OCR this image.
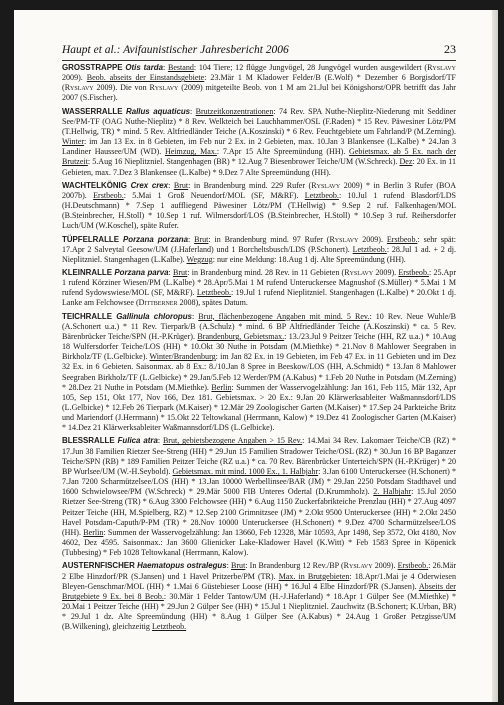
Haupt et al.: Avifaunistischer Jahresbericht 2006	23

GROSSTRAPPE Otis tarda: Bestand: 104 Tiere; 12 flügge Jungvögel, 28 Jungvögel wurden ausgewildert (Ryslavy 2009). Beob. abseits der Einstandsgebiete: 23.Mär 1 M Kladower Felder/B (E.Wolf) * Dezember 6 Borgisdorf/TF (Ryslavy 2009). Die von Ryslavy (2009) mitgeteilte Beob. von 1 M am 21.Jul bei Königshorst/OPR betrifft das Jahr 2007 (S.Fischer).

WASSERRALLE Rallus aquaticus: Brutzeitkonzentrationen: 74 Rev. SPA Nuthe-Nieplitz-Niederung mit Seddiner See/PM-TF (OAG Nuthe-Nieplitz) * 8 Rev. Welkteich bei Lauchhammer/OSL (F.Raden) * 15 Rev. Päwesiner Lötz/PM (T.Hellwig, TR) * mind. 5 Rev. Altfriedländer Teiche (A.Koszinski) * 6 Rev. Feuchtgebiete um Fahrland/P (M.Zerning). Winter: im Jan 13 Ex. in 8 Gebieten, im Feb nur 2 Ex. in 2 Gebieten, max. 10.Jan 3 Blankensee (L.Kalbe) * 24.Jan 3 Landiner Haussee/UM (WD). Heimzug, Max.: 7.Apr 15 Alte Spreemündung (HH). Gebietsmax. ab 5 Ex. nach der Brutzeit: 5.Aug 16 Nieplitzniel. Stangenhagen (BR) * 12.Aug 7 Biesenbrower Teiche/UM (W.Schreck). Dez: 20 Ex. in 11 Gebieten, max. 7.Dez 3 Blankensee (L.Kalbe) * 9.Dez 7 Alte Spreemündung (HH).

WACHTELKÖNIG Crex crex: Brut: in Brandenburg mind. 229 Rufer (Ryslavy 2009) * in Berlin 3 Rufer (BOA 2007b). Erstbeob.: 5.Mai 1 Groß Neuendorf/MOL (SF, M&RF). Letztbeob.: 10.Jul 1 rufend Blasdorf/LDS (H.Deutschmann) * 7.Sep 1 auffliegend Päwesiner Lötz/PM (T.Hellwig) * 9.Sep 2 ruf. Falkenhagen/MOL (B.Steinbrecher, H.Stoll) * 10.Sep 1 ruf. Wilmersdorf/LOS (B.Steinbrecher, H.Stoll) * 10.Sep 3 ruf. Reihersdorfer Luch/UM (W.Koschel), späte Rufer.

TÜPFELRALLE Porzana porzana: Brut: in Brandenburg mind. 97 Rufer (Ryslavy 2009). Erstbeob.: sehr spät: 17.Apr 2 Salveytal Geesow/UM (J.Haferland) und 1 Borcheltsbusch/LDS (P.Schonert). Letztbeob.: 28.Jul 1 ad. + 2 dj. Nieplitzniel. Stangenhagen (L.Kalbe). Wegzug: nur eine Meldung: 18.Aug 1 dj. Alte Spreemündung (HH).

KLEINRALLE Porzana parva: Brut: in Brandenburg mind. 28 Rev. in 11 Gebieten (Ryslavy 2009). Erstbeob.: 25.Apr 1 rufend Körziner Wiesen/PM (L.Kalbe) * 28.Apr/5.Mai 1 M rufend Unteruckersee Magnushof (S.Müller) * 5.Mai 1 M rufend Sydowswiese/MOL (SF, M&RF). Letztbeob.: 19.Jul 1 rufend Nieplitzniel. Stangenhagen (L.Kalbe) * 20.Okt 1 dj. Lanke am Felchowsee (Dittberner 2008), spätes Datum.

TEICHRALLE Gallinula chloropus: Brut, flächenbezogene Angaben mit mind. 5 Rev.: 10 Rev. Neue Wuhle/B (A.Schonert u.a.) * 11 Rev. Tierpark/B (A.Schulz) * mind. 6 BP Altfriedländer Teiche (A.Koszinski) * ca. 5 Rev. Bärenbrücker Teiche/SPN (H.-P.Krüger). Brandenburg, Gebietsmax.: 13./23.Jul 9 Peitzer Teiche (HH, RZ u.a.) * 10.Aug 18 Wulfersdorfer Teiche/LOS (HH) * 10.Okt 30 Nuthe in Potsdam (M.Miethke) * 21.Nov 8 Mahlower Seegraben in Birkholz/TF (L.Gelbicke). Winter/Brandenburg: im Jan 82 Ex. in 19 Gebieten, im Feb 47 Ex. in 11 Gebieten und im Dez 32 Ex. in 6 Gebieten. Saisonmax. ab 8 Ex.: 8./10.Jan 8 Spree in Beeskow/LOS (HH, A.Schmidt) * 13.Jan 8 Mahlower Seegraben Birkholz/TF (L.Gelbicke) * 29.Jan/5.Feb 12 Werder/PM (A.Kabus) * 1.Feb 20 Nuthe in Potsdam (M.Zerning) * 28.Dez 21 Nuthe in Potsdam (M.Miethke). Berlin: Summen der Wasservogelzählung: Jan 161, Feb 115, Mär 132, Apr 105, Sep 151, Okt 177, Nov 166, Dez 181. Gebietsmax. > 20 Ex.: 9.Jan 20 Klärwerksableiter Waßmannsdorf/LDS (L.Gelbicke) * 12.Feb 26 Tierpark (M.Kaiser) * 12.Mär 29 Zoologischer Garten (M.Kaiser) * 17.Sep 24 Parkteiche Britz und Mariendorf (J.Herrmann) * 15.Okt 22 Teltowkanal (Herrmann, Kalow) * 19.Dez 41 Zoologischer Garten (M.Kaiser) * 14.Dez 21 Klärwerksableiter Waßmannsdorf/LDS (L.Gelbicke).

BLESSRALLE Fulica atra: Brut, gebietsbezogene Angaben > 15 Rev.: 14.Mai 34 Rev. Lakomaer Teiche/CB (RZ) * 17.Jun 38 Familien Rietzer See-Streng (HH) * 29.Jun 15 Familien Stradower Teiche/OSL (RZ) * 30.Jun 16 BP Baganzer Teiche/SPN (RB) * 189 Familien Peitzer Teiche (RZ u.a.) * ca. 70 Rev. Bärenbrücker Unterteich/SPN (H.-P.Krüger) * 20 BP Wurlsee/UM (W.-H.Seybold). Gebietsmax. mit mind. 1000 Ex., 1. Halbjahr: 3.Jan 6100 Unteruckersee (H.Schonert) * 7.Jan 7200 Scharmützelsee/LOS (HH) * 13.Jan 10000 Werbellinsee/BAR (JM) * 29.Jan 2250 Potsdam Stadthavel und 1600 Schwielowsee/PM (W.Schreck) * 29.Mär 5000 FIB Unteres Odertal (D.Krummholz). 2. Halbjahr: 15.Jul 2050 Rietzer See-Streng (TR) * 6.Aug 3300 Felchowsee (HH) * 6.Aug 1150 Zuckerfabrikteiche Prenzlau (HH) * 27.Aug 4097 Peitzer Teiche (HH, M.Spielberg, RZ) * 12.Sep 2100 Grimnitzsee (JM) * 2.Okt 9500 Unteruckersee (HH) * 2.Okt 2450 Havel Potsdam-Caputh/P-PM (TR) * 28.Nov 10000 Unteruckersee (H.Schonert) * 9.Dez 4700 Scharmützelsee/LOS (HH). Berlin: Summen der Wasservogelzählung: Jan 13660, Feb 12328, Mär 10593, Apr 1498, Sep 3572, Okt 4180, Nov 4602, Dez 4595. Saisonmax.: Jan 3600 Glienicker Lake-Kladower Havel (K.Witt) * Feb 1583 Spree in Köpenick (Tubbesing) * Feb 1028 Teltowkanal (Herrmann, Kalow).

AUSTERNFISCHER Haematopus ostralegus: Brut: In Brandenburg 12 Rev./BP (Ryslavy 2009). Erstbeob.: 26.Mär 2 Elbe Hinzdorf/PR (S.Jansen) und 1 Havel Pritzerbe/PM (TR). Max. in Brutgebieten: 18.Apr/1.Mai je 4 Oderwiesen Bleyen-Genschmar/MOL (HH) * 1.Mai 6 Güstebieser Loose (HH) * 16.Jul 4 Elbe Hinzdorf/PR (S.Jansen). Abseits der Brutgebiete 9 Ex. bei 8 Beob.: 30.Mär 1 Felder Tantow/UM (H.-J.Haferland) * 18.Apr 1 Gülper See (M.Miethke) * 20.Mai 1 Peitzer Teiche (HH) * 29.Jun 2 Gülper See (HH) * 15.Jul 1 Nieplitzniel. Zauchwitz (B.Schonert; K.Urban, BR) * 29.Jul 1 dz. Alte Spreemündung (HH) * 8.Aug 1 Gülper See (A.Kabus) * 24.Aug 1 Großer Petzgisse/UM (B.Wilkening), gleichzeitig Letztbeob.
